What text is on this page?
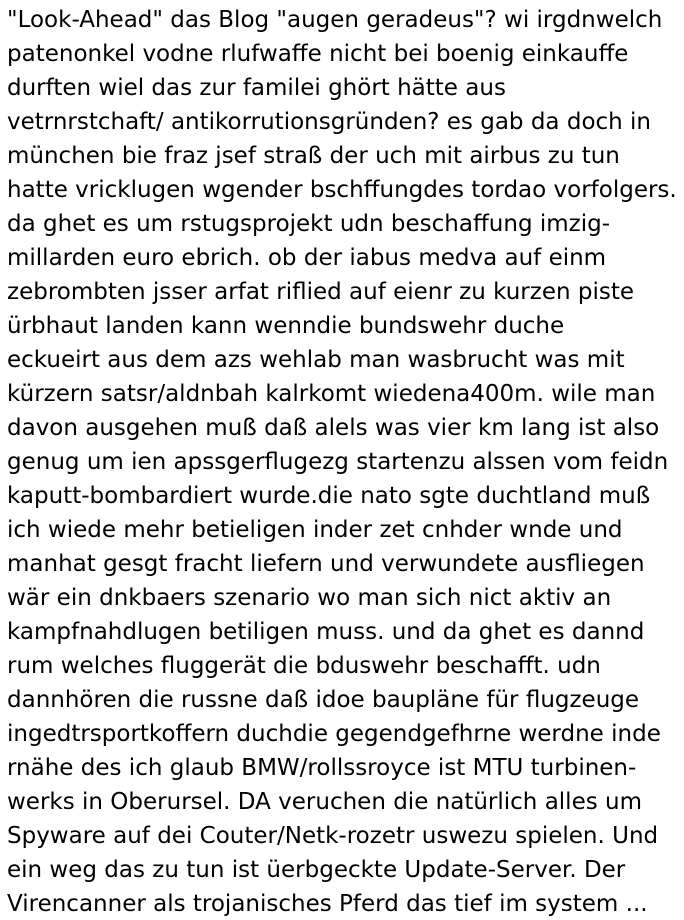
"Look-Ahead" das Blog "augen geradeus"? wi irgdnwelch

patenonkel vodne rlufwaffe nicht bei boenig einkauffe

durften wiel das zur familei ghört hätte aus

vetrnrstchaft/ antikorrutionsgründen? es gab da doch in

münchen bie fraz jsef straß der uch mit airbus zu tun

hatte vricklugen wgender bschffungdes tordao vorfolgers.

da ghet es um rstugsprojekt udn beschaffung imzig-

millarden euro ebrich. ob der iabus medva auf einm

zebrombten jsser arfat riflied auf eienr zu kurzen piste

ürbhaut landen kann wenndie bundswehr duche

eckueirt aus dem azs wehlab man wasbrucht was mit

kürzern satsr/aldnbah kalrkomt wiedena400m. wile man

davon ausgehen muß daß alels was vier km lang ist also

genug um ien apssgerflugezg startenzu alssen vom feidn

kaputt-bombardiert wurde.die nato sgte duchtland muß

ich wiede mehr betieligen inder zet cnhder wnde und

manhat gesgt fracht liefern und verwundete ausfliegen

wär ein dnkbaers szenario wo man sich nict aktiv an

kampfnahdlugen betiligen muss. und da ghet es dannd

rum welches fluggerät die bduswehr beschafft. udn

dannhören die russne daß idoe baupläne für flugzeuge

ingedtrsportkoffern duchdie gegendgefhrne werdne inde

rnähe des ich glaub BMW/rollssroyce ist MTU turbinen-

werks in Oberursel. DA veruchen die natürlich alles um

Spyware auf dei Couter/Netk-rozetr uswezu spielen. Und

ein weg das zu tun ist üerbgeckte Update-Server. Der

Virencanner als trojanisches Pferd das tief im system ...
